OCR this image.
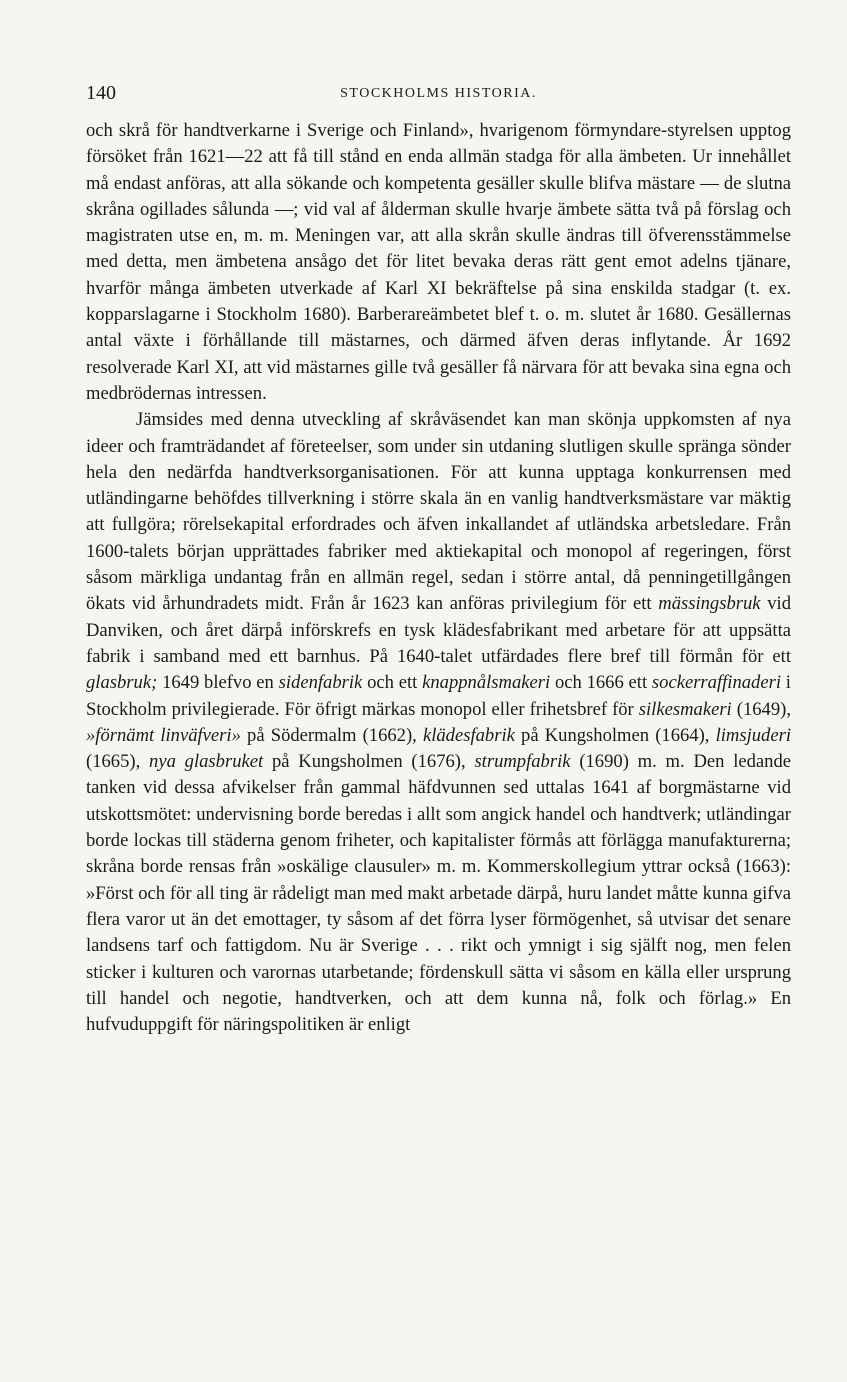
140	STOCKHOLMS HISTORIA.

och skrå för handtverkarne i Sverige och Finland», hvarigenom förmyndare-styrelsen upptog försöket från 1621—22 att få till stånd en enda allmän stadga för alla ämbeten. Ur innehållet må endast anföras, att alla sökande och kompetenta gesäller skulle blifva mästare — de slutna skråna ogillades sålunda —; vid val af ålderman skulle hvarje ämbete sätta två på förslag och magistraten utse en, m. m. Meningen var, att alla skrån skulle ändras till öfverensstämmelse med detta, men ämbetena ansågo det för litet bevaka deras rätt gent emot adelns tjänare, hvarför många ämbeten utverkade af Karl XI bekräftelse på sina enskilda stadgar (t. ex. kopparslagarne i Stockholm 1680). Barberareämbetet blef t. o. m. slutet år 1680. Gesällernas antal växte i förhållande till mästarnes, och därmed äfven deras inflytande. År 1692 resolverade Karl XI, att vid mästarnes gille två gesäller få närvara för att bevaka sina egna och medbrödernas intressen.

Jämsides med denna utveckling af skråväsendet kan man skönja uppkomsten af nya ideer och framträdandet af företeelser, som under sin utdaning slutligen skulle spränga sönder hela den nedärfda handtverksorganisationen. För att kunna upptaga konkurrensen med utländingarne behöfdes tillverkning i större skala än en vanlig handtverksmästare var mäktig att fullgöra; rörelsekapital erfordrades och äfven inkallandet af utländska arbetsledare. Från 1600-talets början upprättades fabriker med aktiekapital och monopol af regeringen, först såsom märkliga undantag från en allmän regel, sedan i större antal, då penningetillgången ökats vid århundradets midt. Från år 1623 kan anföras privilegium för ett mässingsbruk vid Danviken, och året därpå införskrefs en tysk klädesfabrikant med arbetare för att uppsätta fabrik i samband med ett barnhus. På 1640-talet utfärdades flere bref till förmån för ett glasbruk; 1649 blefvo en sidenfabrik och ett knappnålsmakeri och 1666 ett sockerraffinaderi i Stockholm privilegierade. För öfrigt märkas monopol eller frihetsbref för silkesmakeri (1649), »förnämt linväfveri» på Södermalm (1662), klädesfabrik på Kungsholmen (1664), limsjuderi (1665), nya glasbruket på Kungsholmen (1676), strumpfabrik (1690) m. m. Den ledande tanken vid dessa afvikelser från gammal häfdvunnen sed uttalas 1641 af borgmästarne vid utskottsmötet: undervisning borde beredas i allt som angick handel och handtverk; utländingar borde lockas till städerna genom friheter, och kapitalister förmås att förlägga manufakturerna; skråna borde rensas från »oskälige clausuler» m. m. Kommerskollegium yttrar också (1663): »Först och för all ting är rådeligt man med makt arbetade därpå, huru landet måtte kunna gifva flera varor ut än det emottager, ty såsom af det förra lyser förmögenhet, så utvisar det senare landsens tarf och fattigdom. Nu är Sverige . . . rikt och ymnigt i sig själft nog, men felen sticker i kulturen och varornas utarbetande; fördenskull sätta vi såsom en källa eller ursprung till handel och negotie, handtverken, och att dem kunna nå, folk och förlag.» En hufvuduppgift för näringspolitiken är enligt
